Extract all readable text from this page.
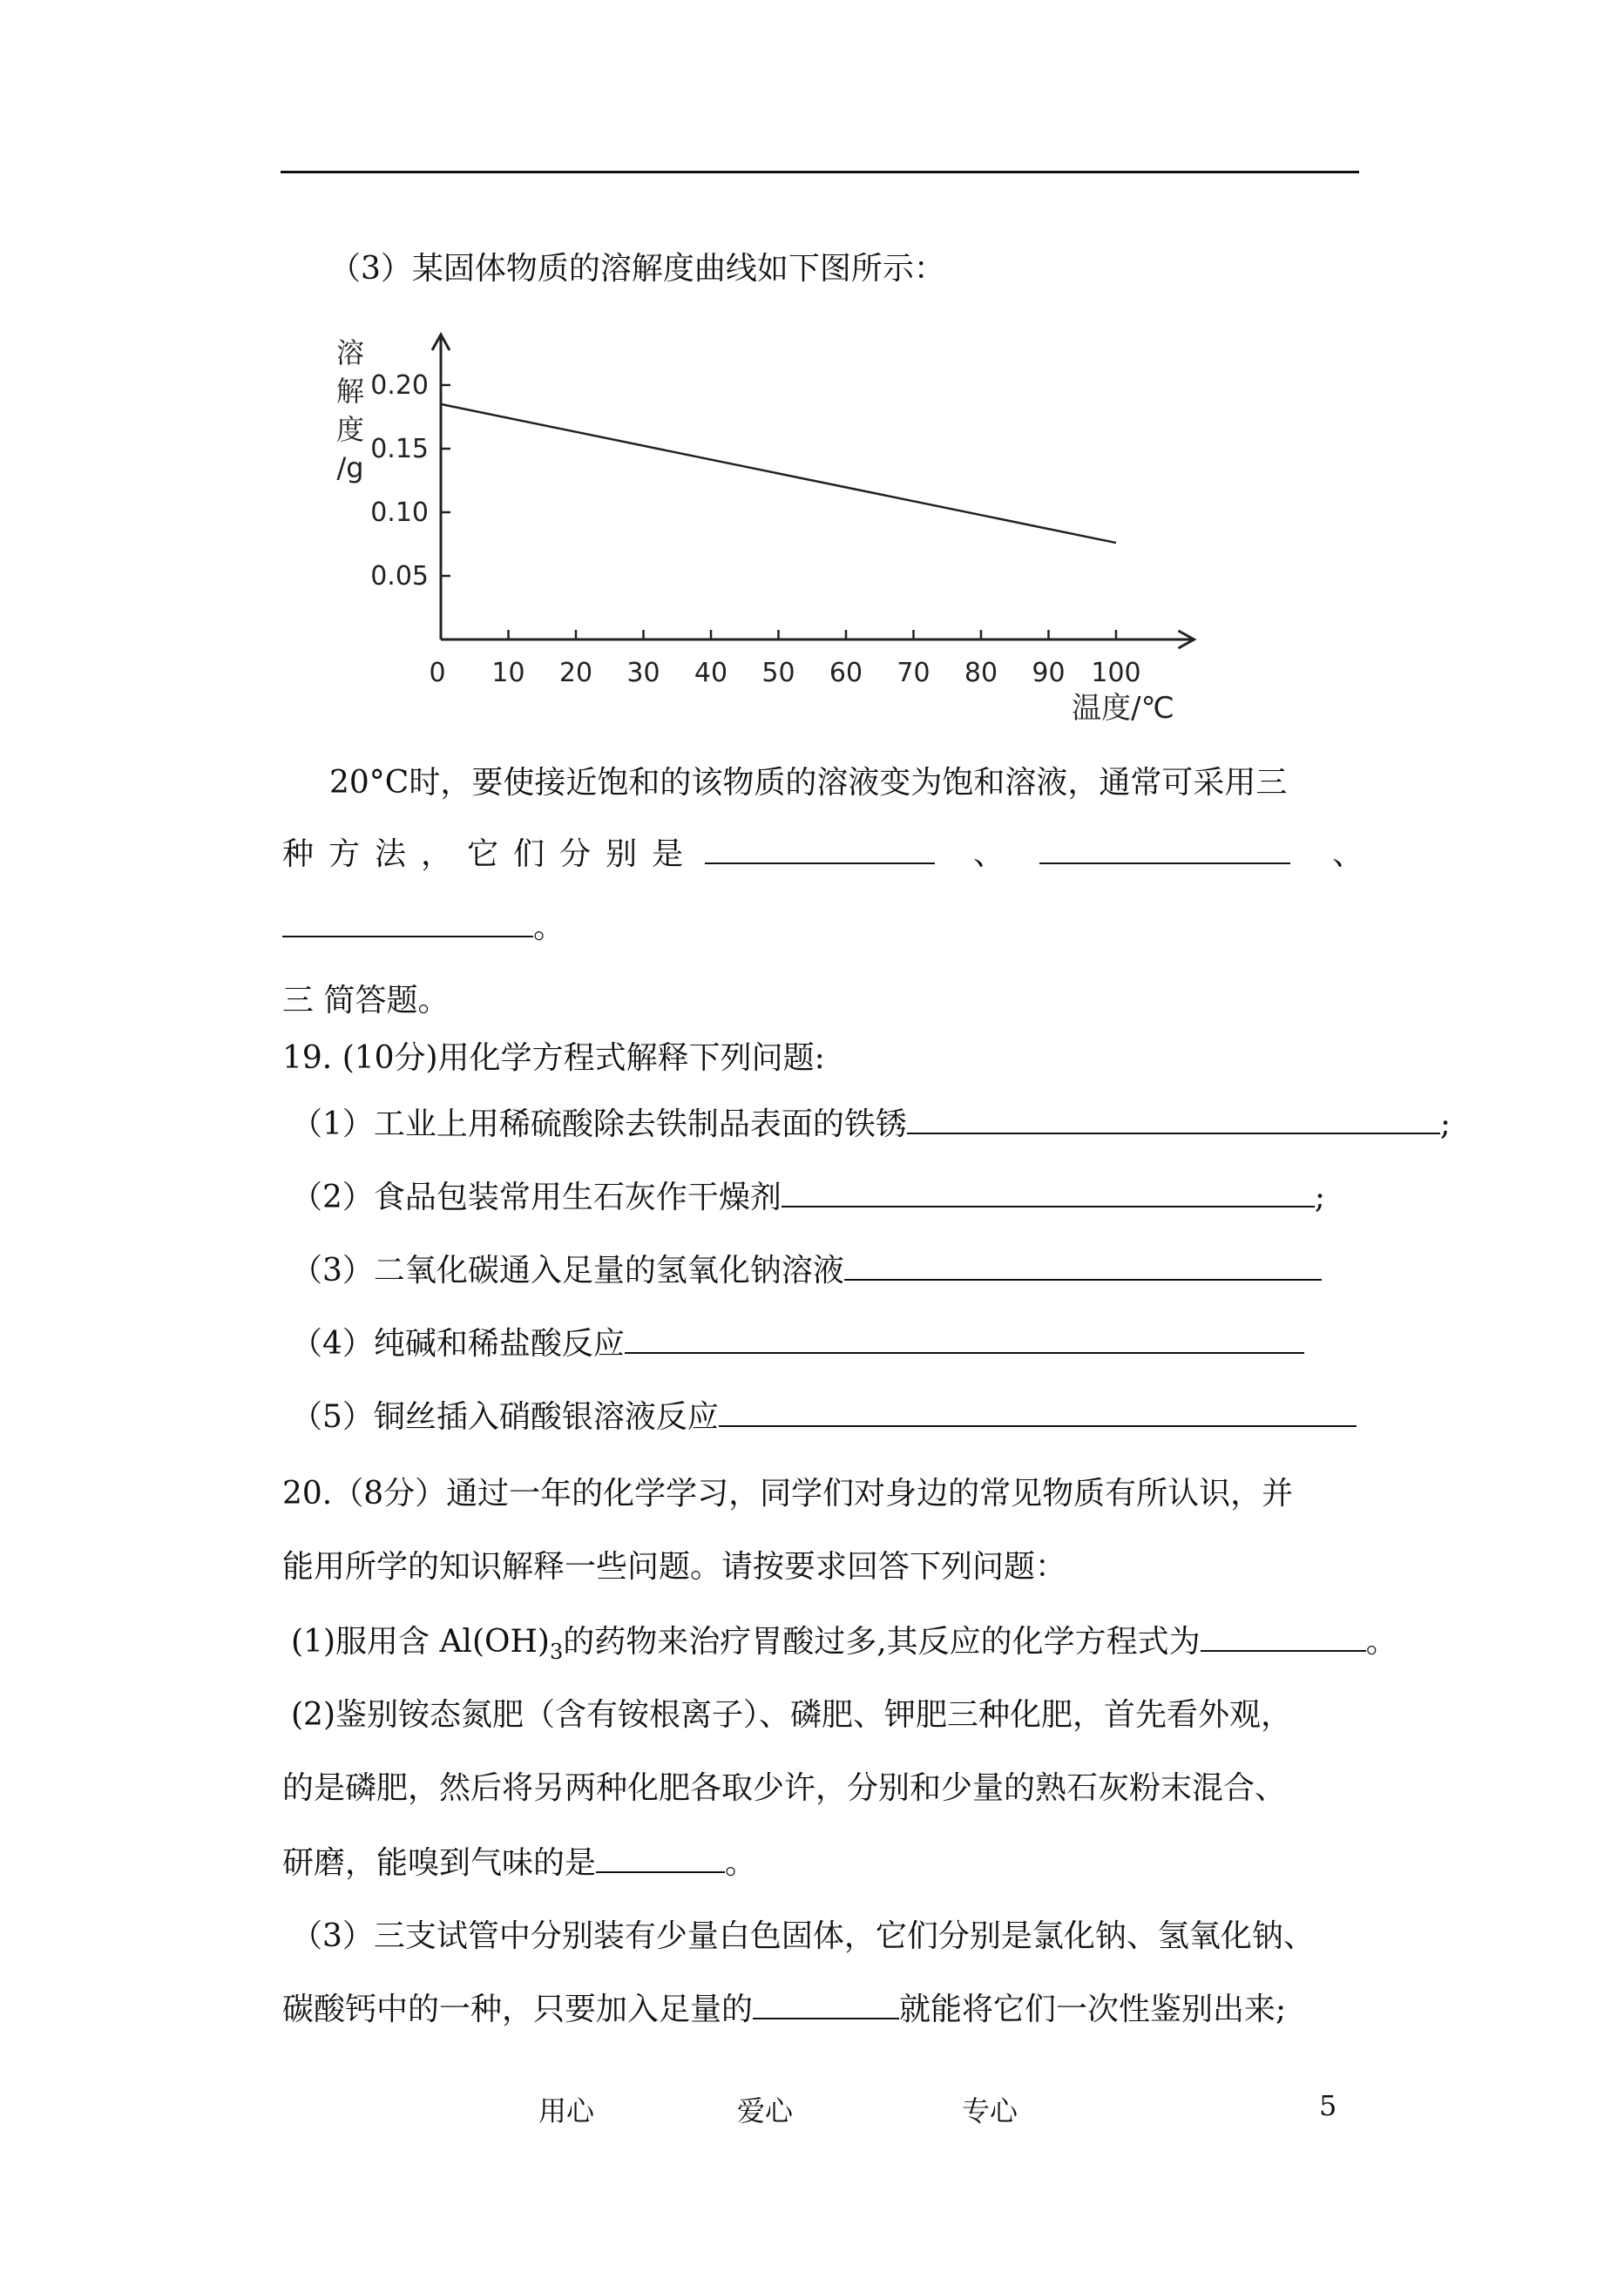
（3）某固体物质的溶解度曲线如下图所示：
0 10 20 30 40 50 60 70 80 90 100
0.05
0.10
0.15
0.20
溶
解
度
/g
温度/℃
20°C时，要使接近饱和的该物质的溶液变为饱和溶液，通常可采用三
种 方 法 ， 它 们 分 别 是	、	、
。
三 简答题。
19. (10分)用化学方程式解释下列问题:
（1）工业上用稀硫酸除去铁制品表面的铁锈	;
（2）食品包装常用生石灰作干燥剂	;
（3）二氧化碳通入足量的氢氧化钠溶液
（4）纯碱和稀盐酸反应
（5）铜丝插入硝酸银溶液反应
20.（8分）通过一年的化学学习，同学们对身边的常见物质有所认识，并
能用所学的知识解释一些问题。请按要求回答下列问题：
(1)服用含 $Al(OH)_3$的药物来治疗胃酸过多,其反应的化学方程式为	。
(2)鉴别铵态氮肥（含有铵根离子）、磷肥、钾肥三种化肥，首先看外观，
的是磷肥，然后将另两种化肥各取少许，分别和少量的熟石灰粉末混合、
研磨，能嗅到气味的是	。
（3）三支试管中分别装有少量白色固体，它们分别是氯化钠、氢氧化钠、
碳酸钙中的一种，只要加入足量的	就能将它们一次性鉴别出来;
用心	爱心	专心	5
